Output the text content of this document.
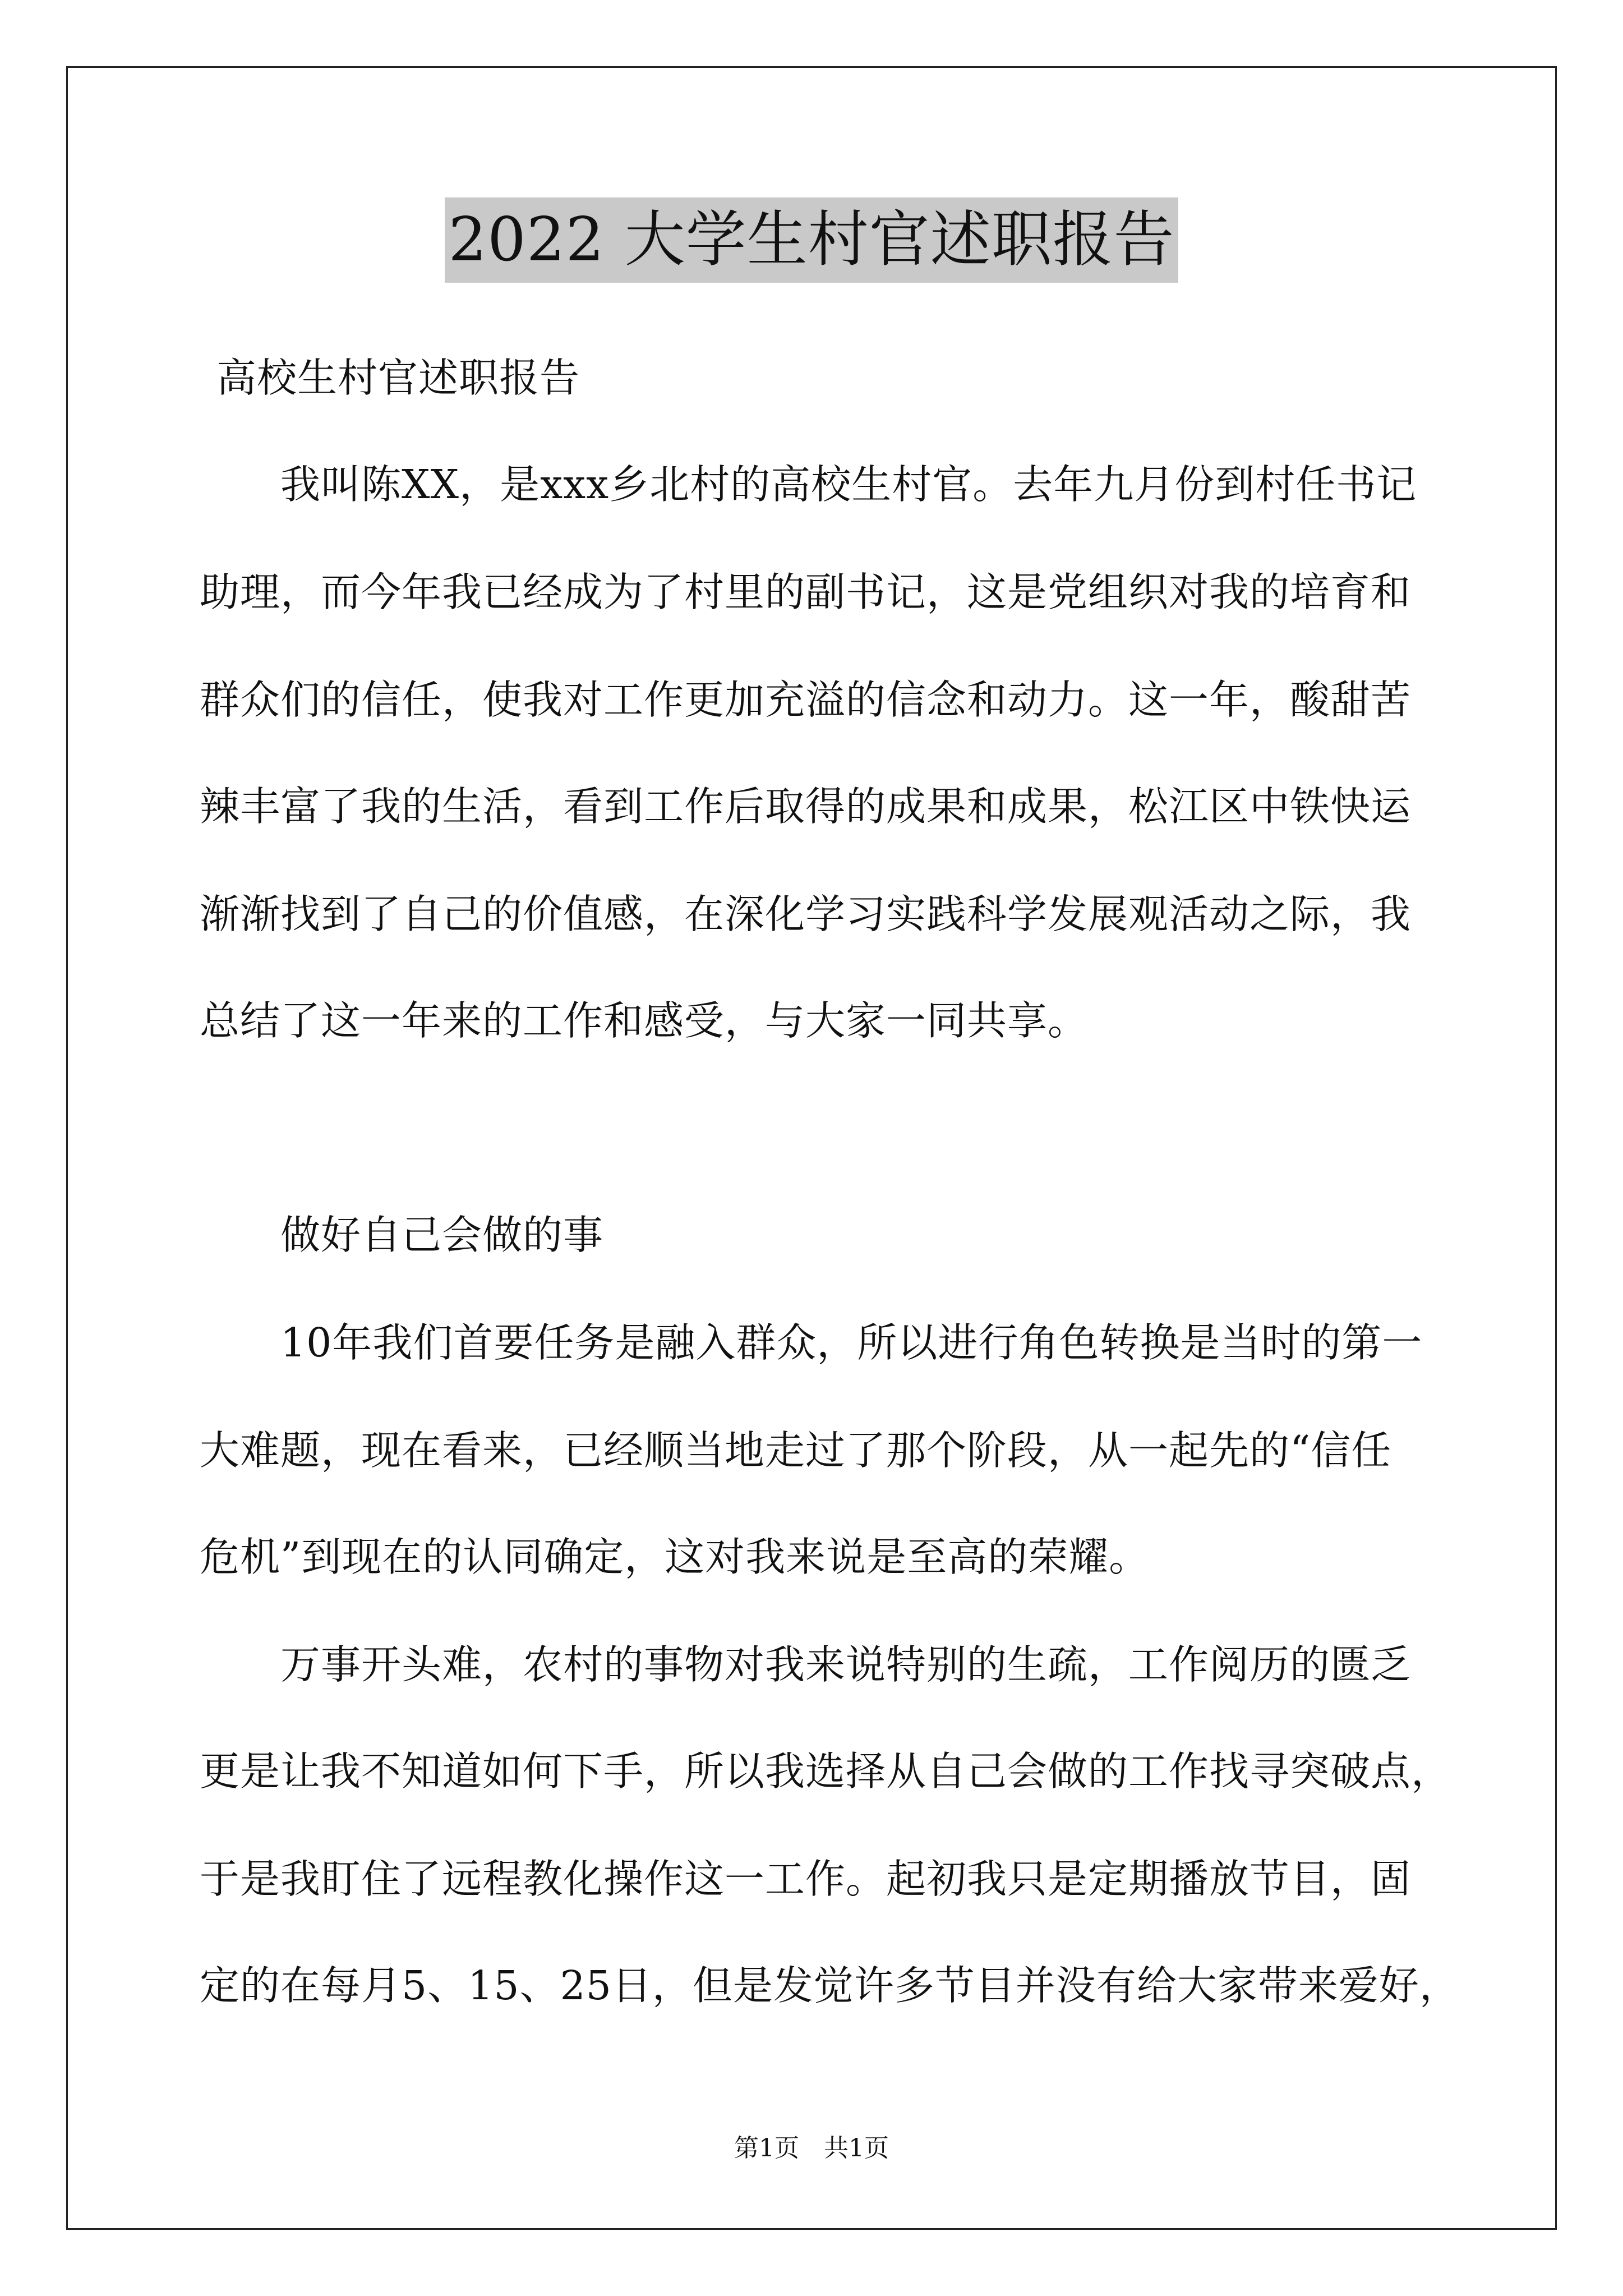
2022 大学生村官述职报告
高校生村官述职报告
我叫陈XX，是xxx乡北村的高校生村官。去年九月份到村任书记
助理，而今年我已经成为了村里的副书记，这是党组织对我的培育和
群众们的信任，使我对工作更加充溢的信念和动力。这一年，酸甜苦
辣丰富了我的生活，看到工作后取得的成果和成果，松江区中铁快运
渐渐找到了自己的价值感，在深化学习实践科学发展观活动之际，我
总结了这一年来的工作和感受，与大家一同共享。
做好自己会做的事
10年我们首要任务是融入群众，所以进行角色转换是当时的第一
大难题，现在看来，已经顺当地走过了那个阶段，从一起先的“信任
危机”到现在的认同确定，这对我来说是至高的荣耀。
万事开头难，农村的事物对我来说特别的生疏，工作阅历的匮乏
更是让我不知道如何下手，所以我选择从自己会做的工作找寻突破点，
于是我盯住了远程教化操作这一工作。起初我只是定期播放节目，固
定的在每月5、15、25日，但是发觉许多节目并没有给大家带来爱好，
第1页　共1页
